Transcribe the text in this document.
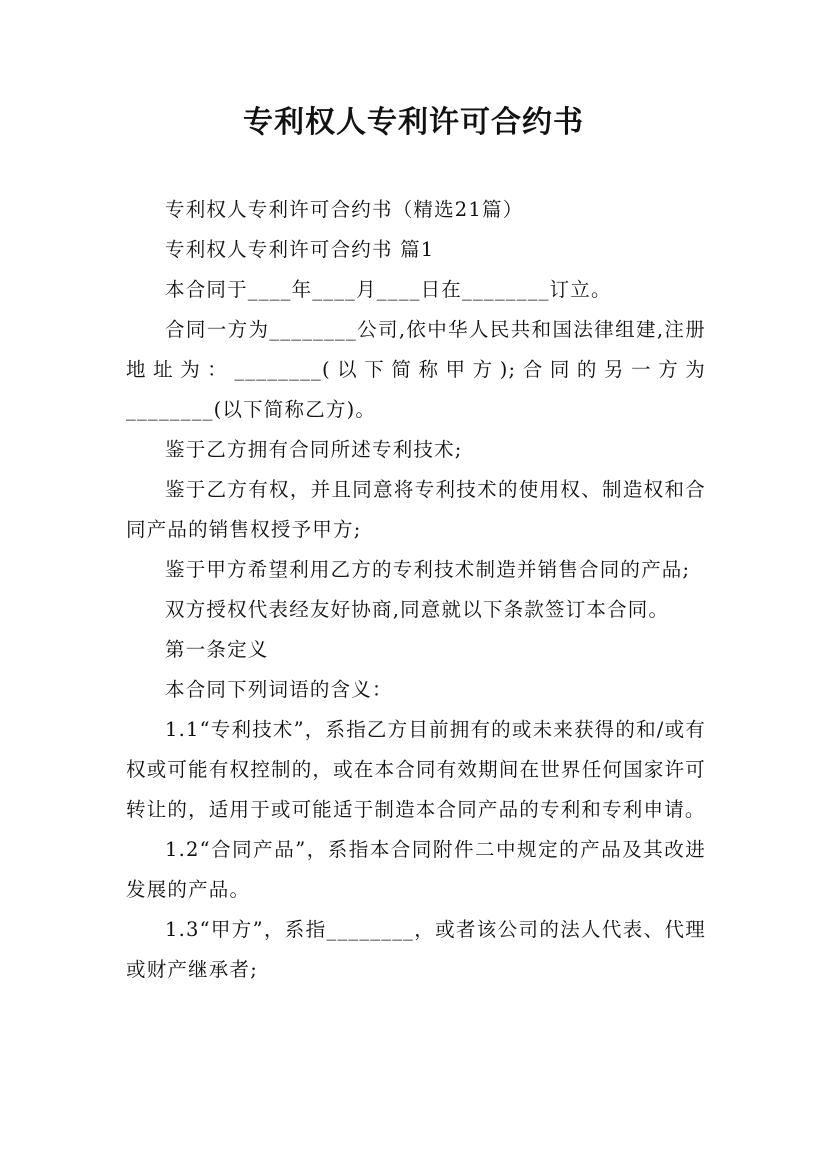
专利权人专利许可合约书

专利权人专利许可合约书（精选21篇）

专利权人专利许可合约书 篇1

本合同于____年____月____日在________订立。

合同一方为________公司,依中华人民共和国法律组建,注册地址为：________(以下简称甲方);合同的另一方为________(以下简称乙方)。

鉴于乙方拥有合同所述专利技术;

鉴于乙方有权，并且同意将专利技术的使用权、制造权和合同产品的销售权授予甲方;

鉴于甲方希望利用乙方的专利技术制造并销售合同的产品;

双方授权代表经友好协商,同意就以下条款签订本合同。

第一条定义

本合同下列词语的含义：

1.1“专利技术”，系指乙方目前拥有的或未来获得的和/或有权或可能有权控制的，或在本合同有效期间在世界任何国家许可转让的，适用于或可能适于制造本合同产品的专利和专利申请。

1.2“合同产品”，系指本合同附件二中规定的产品及其改进发展的产品。

1.3“甲方”，系指________，或者该公司的法人代表、代理或财产继承者;
